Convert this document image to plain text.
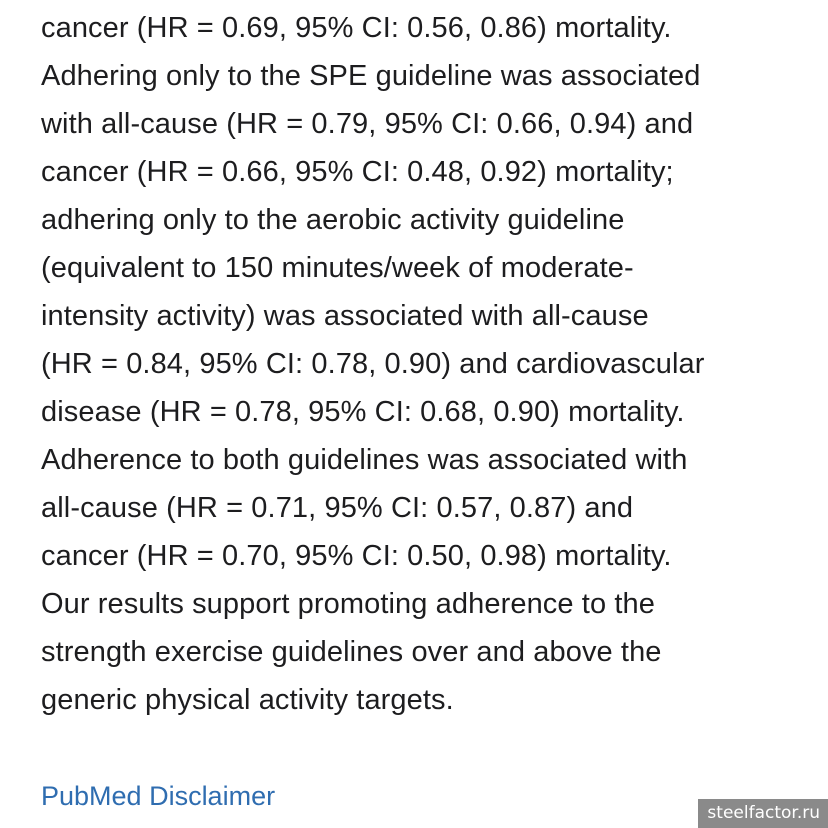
cancer (HR = 0.69, 95% CI: 0.56, 0.86) mortality.
Adhering only to the SPE guideline was associated
with all-cause (HR = 0.79, 95% CI: 0.66, 0.94) and
cancer (HR = 0.66, 95% CI: 0.48, 0.92) mortality;
adhering only to the aerobic activity guideline
(equivalent to 150 minutes/week of moderate-
intensity activity) was associated with all-cause
(HR = 0.84, 95% CI: 0.78, 0.90) and cardiovascular
disease (HR = 0.78, 95% CI: 0.68, 0.90) mortality.
Adherence to both guidelines was associated with
all-cause (HR = 0.71, 95% CI: 0.57, 0.87) and
cancer (HR = 0.70, 95% CI: 0.50, 0.98) mortality.
Our results support promoting adherence to the
strength exercise guidelines over and above the
generic physical activity targets.
PubMed Disclaimer
steelfactor.ru
